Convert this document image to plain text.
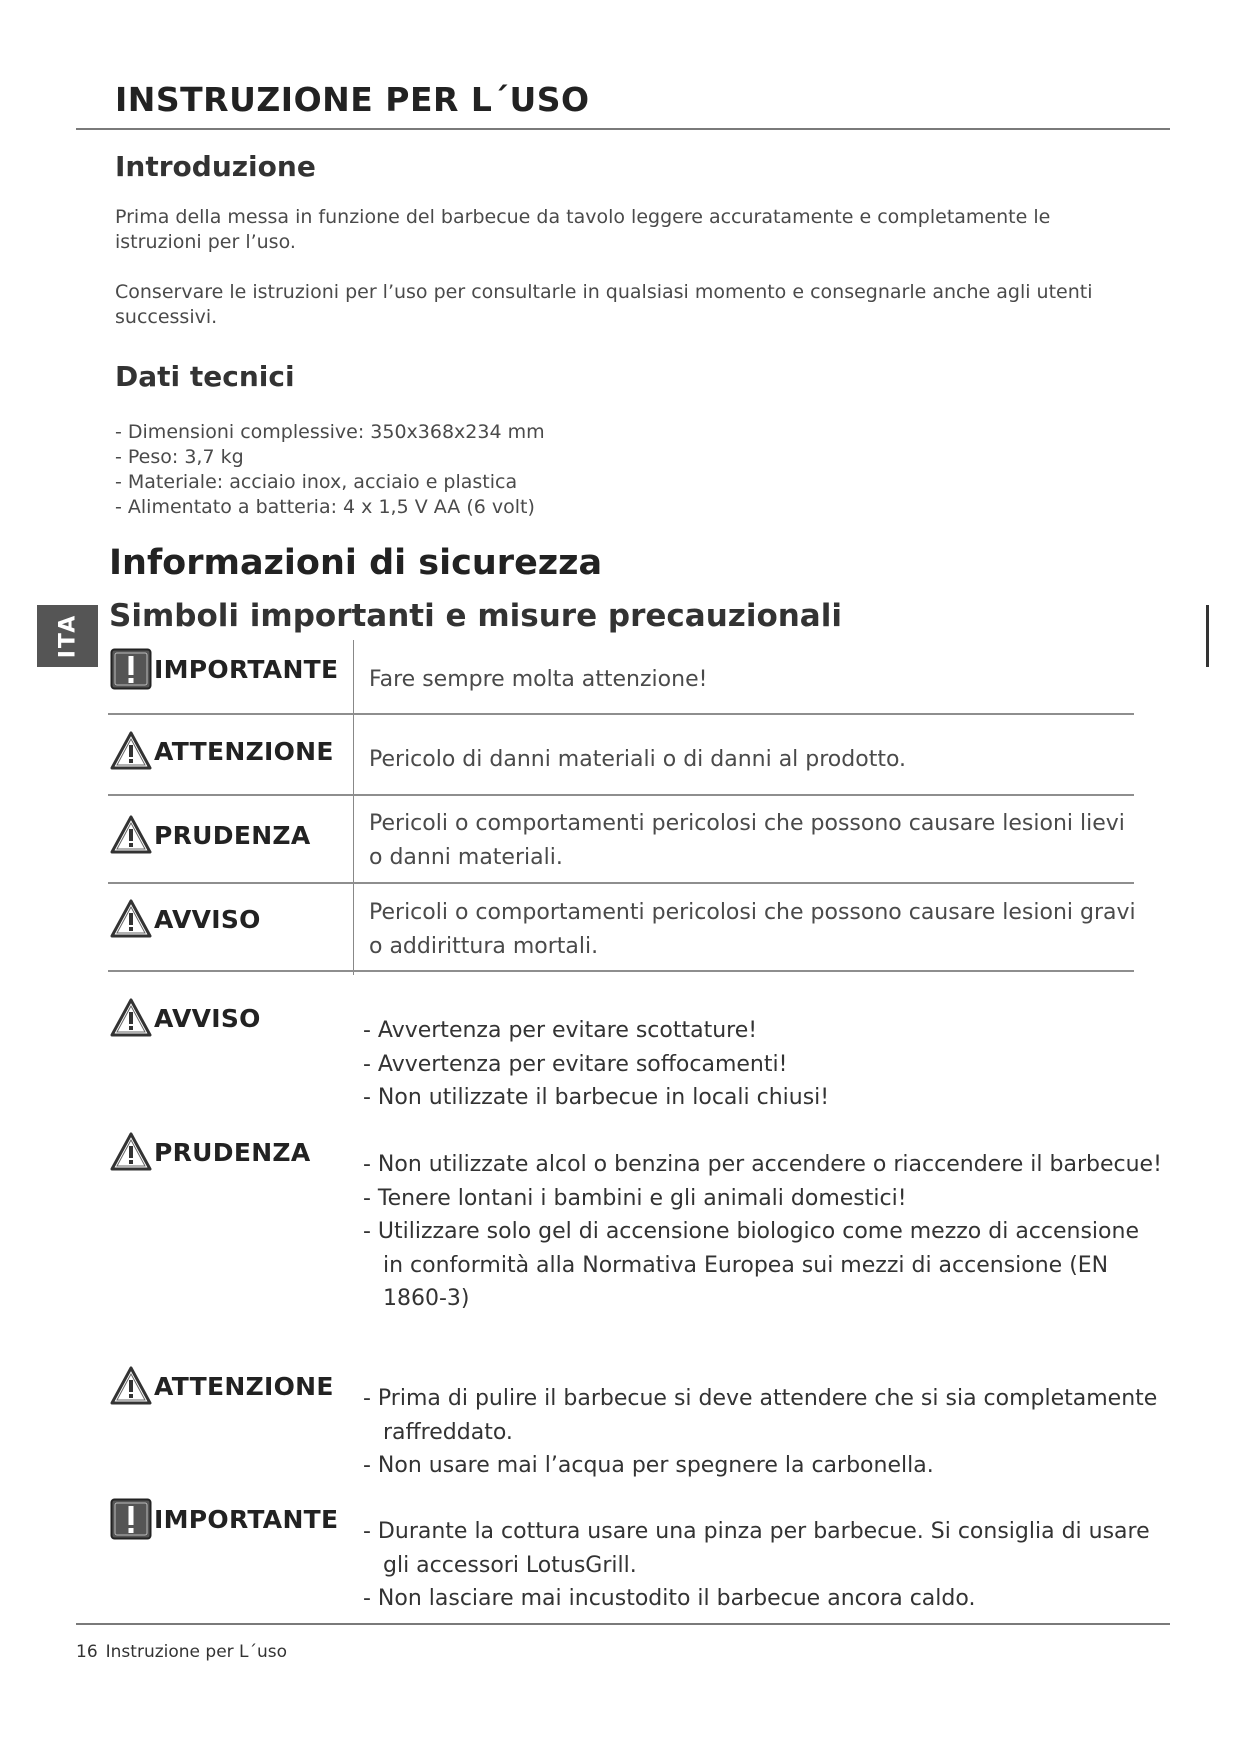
INSTRUZIONE PER L´USO
Introduzione

Prima della messa in funzione del barbecue da tavolo leggere accuratamente e completamente le istruzioni per l’uso.

Conservare le istruzioni per l’uso per consultarle in qualsiasi momento e consegnarle anche agli utenti successivi.

Dati tecnici
- Dimensioni complessive: 350x368x234 mm
- Peso: 3,7 kg
- Materiale: acciaio inox, acciaio e plastica
- Alimentato a batteria: 4 x 1,5 V AA (6 volt)
Informazioni di sicurezza
Simboli importanti e misure precauzionali
ITA
IMPORTANTE Fare sempre molta attenzione!

ATTENZIONE Pericolo di danni materiali o di danni al prodotto.

PRUDENZA	Pericoli o comportamenti pericolosi che possono causare lesioni lievi o danni materiali.

AVVISO	Pericoli o comportamenti pericolosi che possono causare lesioni gravi o addirittura mortali.

AVVISO	- Avvertenza per evitare scottature!
- Avvertenza per evitare soffocamenti!
- Non utilizzate il barbecue in locali chiusi!
PRUDENZA - Non utilizzate alcol o benzina per accendere o riaccendere il barbecue!
- Tenere lontani i bambini e gli animali domestici!
- Utilizzare solo gel di accensione biologico come mezzo di accensione in conformità alla Normativa Europea sui mezzi di accensione (EN 1860-3)
ATTENZIONE - Prima di pulire il barbecue si deve attendere che si sia completamente raffreddato.
- Non usare mai l’acqua per spegnere la carbonella.
IMPORTANTE - Durante la cottura usare una pinza per barbecue. Si consiglia di usare gli accessori LotusGrill.
- Non lasciare mai incustodito il barbecue ancora caldo.
16 Instruzione per L´uso
